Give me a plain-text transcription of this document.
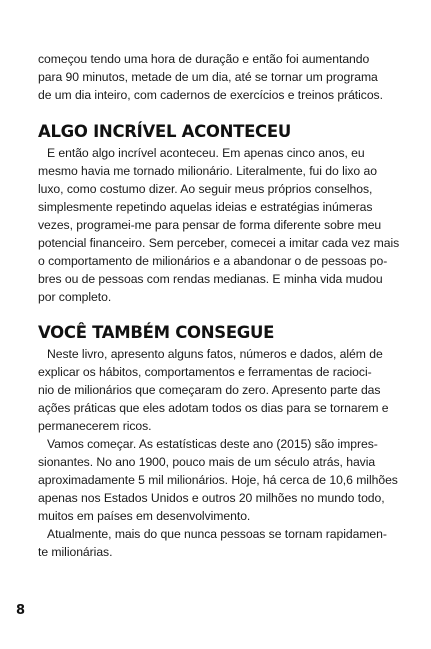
começou tendo uma hora de duração e então foi aumentando
para 90 minutos, metade de um dia, até se tornar um programa
de um dia inteiro, com cadernos de exercícios e treinos práticos.
ALGO INCRÍVEL ACONTECEU
E então algo incrível aconteceu. Em apenas cinco anos, eu
mesmo havia me tornado milionário. Literalmente, fui do lixo ao
luxo, como costumo dizer. Ao seguir meus próprios conselhos,
simplesmente repetindo aquelas ideias e estratégias inúmeras
vezes, programei-me para pensar de forma diferente sobre meu
potencial financeiro. Sem perceber, comecei a imitar cada vez mais
o comportamento de milionários e a abandonar o de pessoas po-
bres ou de pessoas com rendas medianas. E minha vida mudou
por completo.
VOCÊ TAMBÉM CONSEGUE
Neste livro, apresento alguns fatos, números e dados, além de
explicar os hábitos, comportamentos e ferramentas de racioci-
nio de milionários que começaram do zero. Apresento parte das
ações práticas que eles adotam todos os dias para se tornarem e
permanecerem ricos.
Vamos começar. As estatísticas deste ano (2015) são impres-
sionantes. No ano 1900, pouco mais de um século atrás, havia
aproximadamente 5 mil milionários. Hoje, há cerca de 10,6 milhões
apenas nos Estados Unidos e outros 20 milhões no mundo todo,
muitos em países em desenvolvimento.
Atualmente, mais do que nunca pessoas se tornam rapidamen-
te milionárias.
8
